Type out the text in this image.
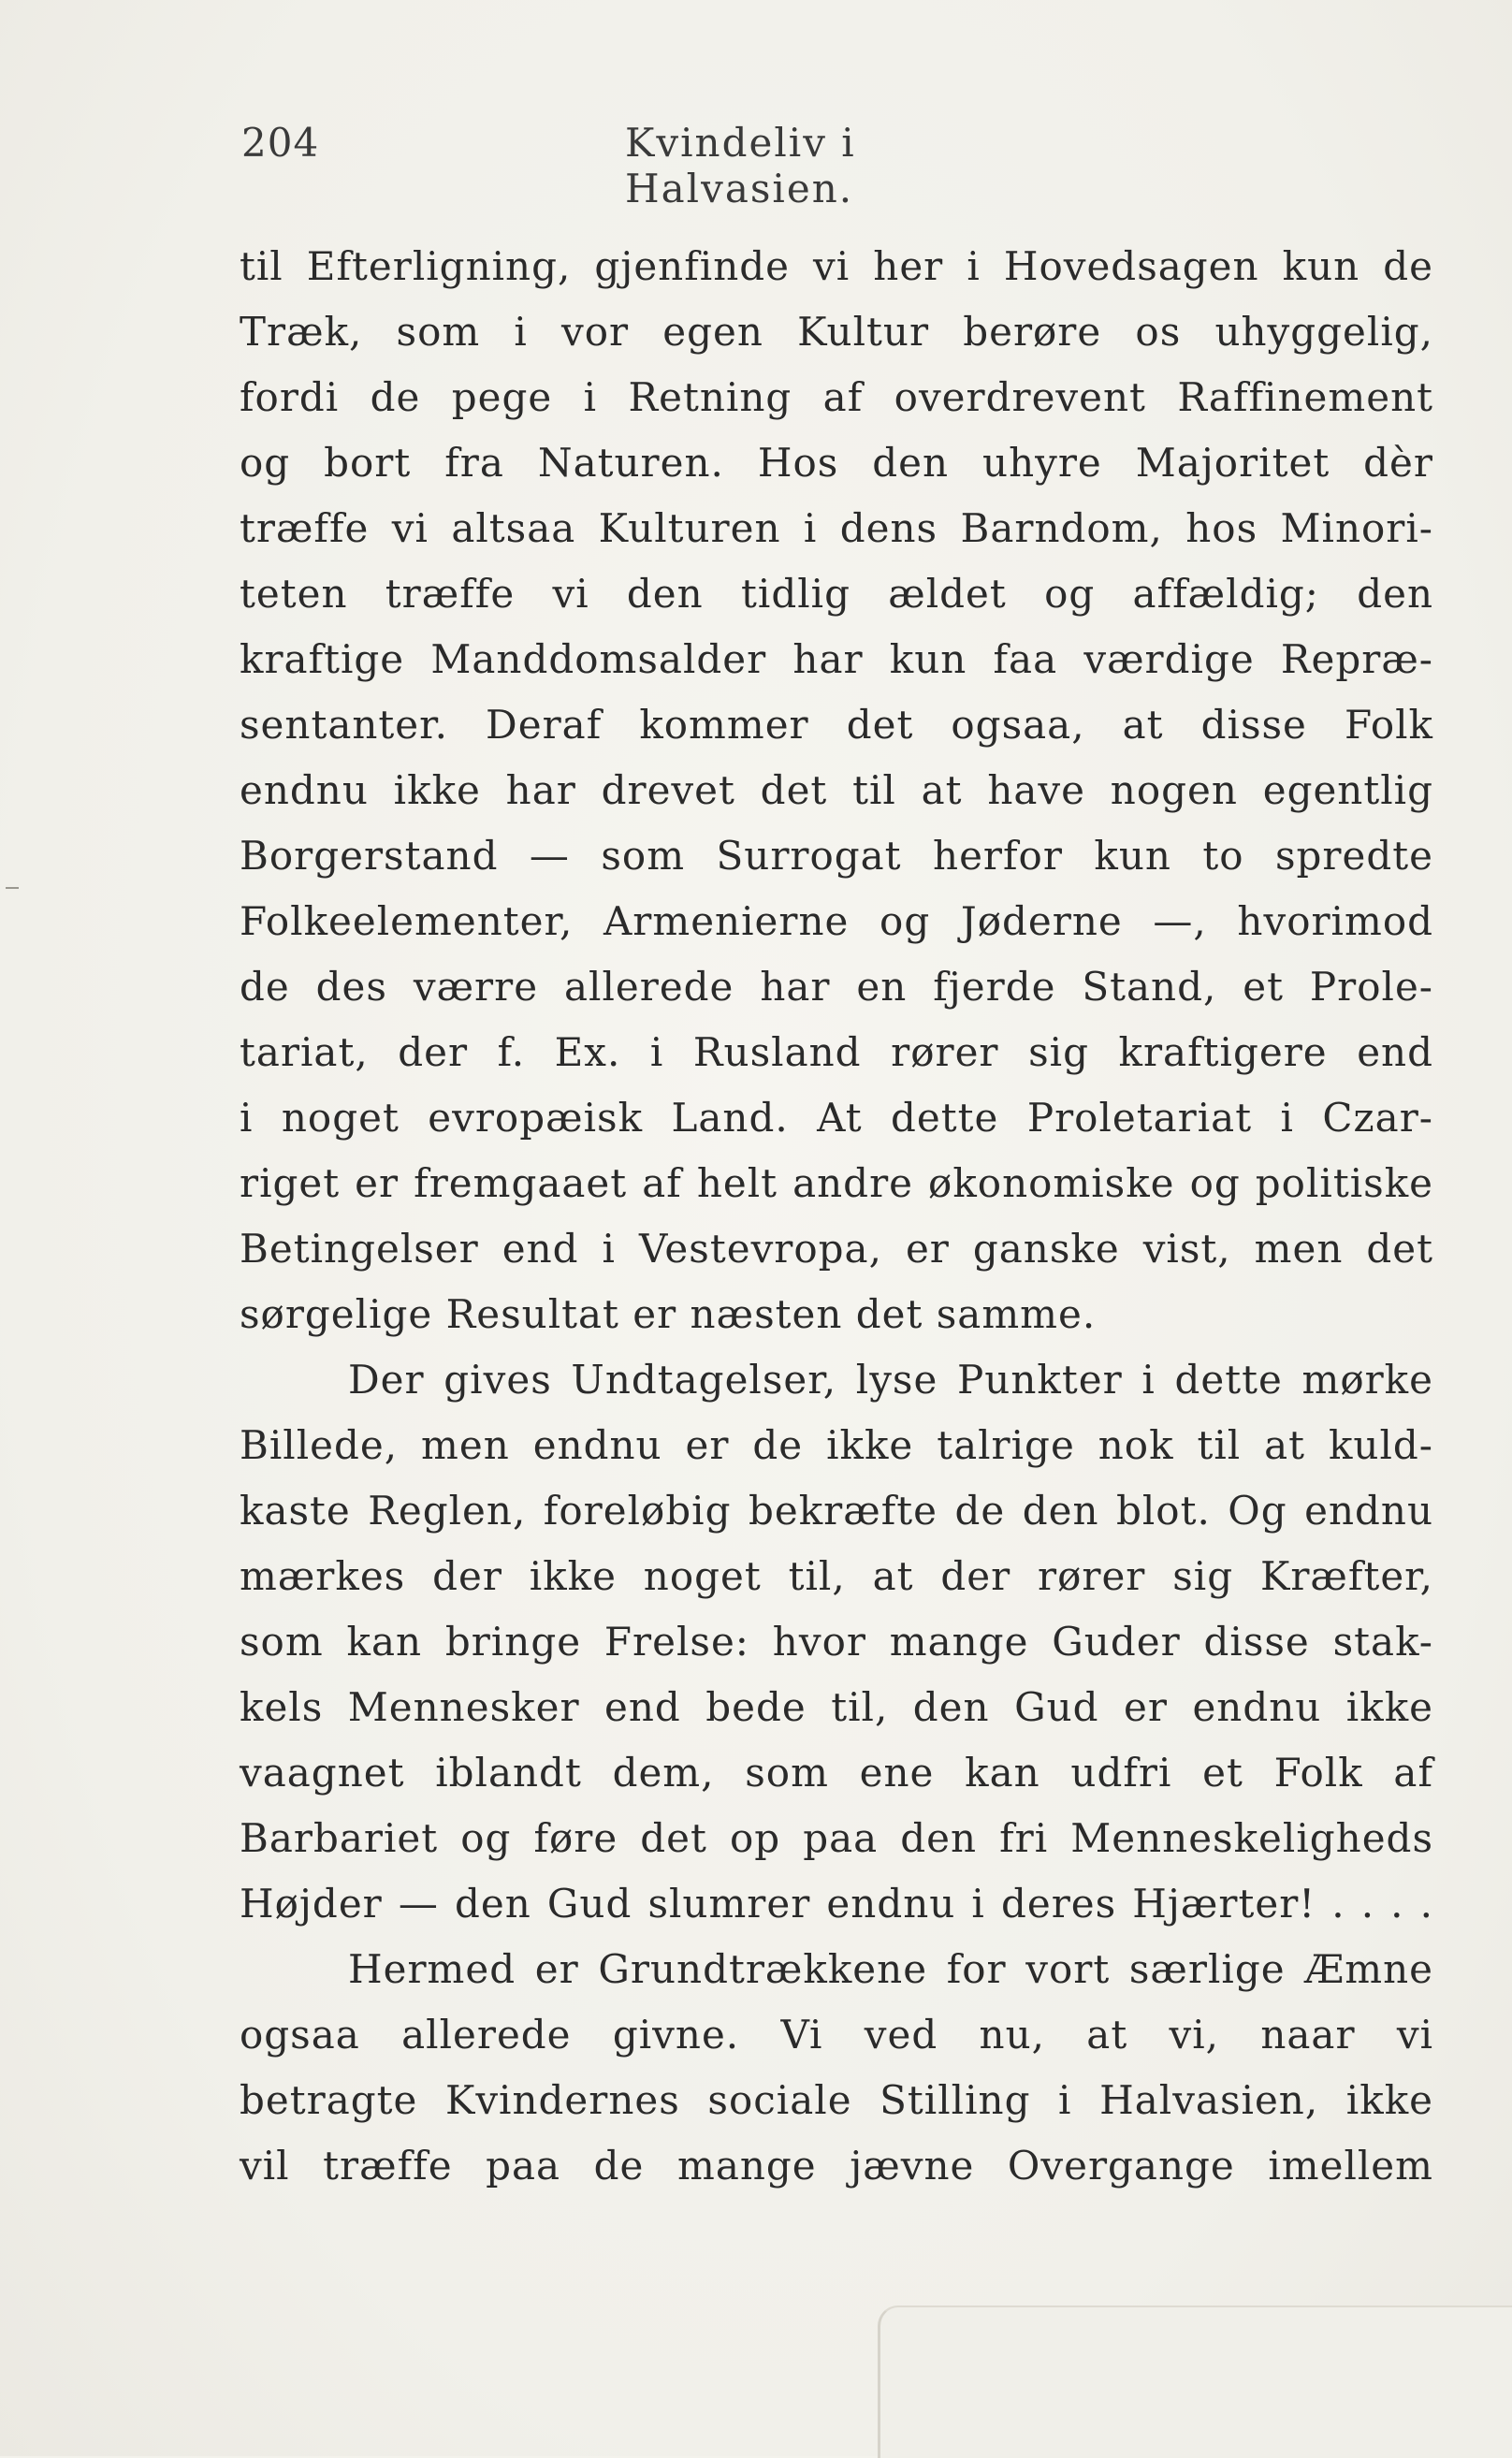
204	Kvindeliv i Halvasien.
til Efterligning, gjenfinde vi her i Hovedsagen kun de
Træk, som i vor egen Kultur berøre os uhyggelig,
fordi de pege i Retning af overdrevent Raffinement
og bort fra Naturen. Hos den uhyre Majoritet dèr
træffe vi altsaa Kulturen i dens Barndom, hos Minori-
teten træffe vi den tidlig ældet og affældig; den
kraftige Manddomsalder har kun faa værdige Repræ-
sentanter. Deraf kommer det ogsaa, at disse Folk
endnu ikke har drevet det til at have nogen egentlig
Borgerstand — som Surrogat herfor kun to spredte
Folkeelementer, Armenierne og Jøderne —, hvorimod
de des værre allerede har en fjerde Stand, et Prole-
tariat, der f. Ex. i Rusland rører sig kraftigere end
i noget evropæisk Land. At dette Proletariat i Czar-
riget er fremgaaet af helt andre økonomiske og politiske
Betingelser end i Vestevropa, er ganske vist, men det
sørgelige Resultat er næsten det samme.
Der gives Undtagelser, lyse Punkter i dette mørke
Billede, men endnu er de ikke talrige nok til at kuld-
kaste Reglen, foreløbig bekræfte de den blot. Og endnu
mærkes der ikke noget til, at der rører sig Kræfter,
som kan bringe Frelse: hvor mange Guder disse stak-
kels Mennesker end bede til, den Gud er endnu ikke
vaagnet iblandt dem, som ene kan udfri et Folk af
Barbariet og føre det op paa den fri Menneskeligheds
Højder — den Gud slumrer endnu i deres Hjærter! . . . .
Hermed er Grundtrækkene for vort særlige Æmne
ogsaa allerede givne. Vi ved nu, at vi, naar vi
betragte Kvindernes sociale Stilling i Halvasien, ikke
vil træffe paa de mange jævne Overgange imellem
